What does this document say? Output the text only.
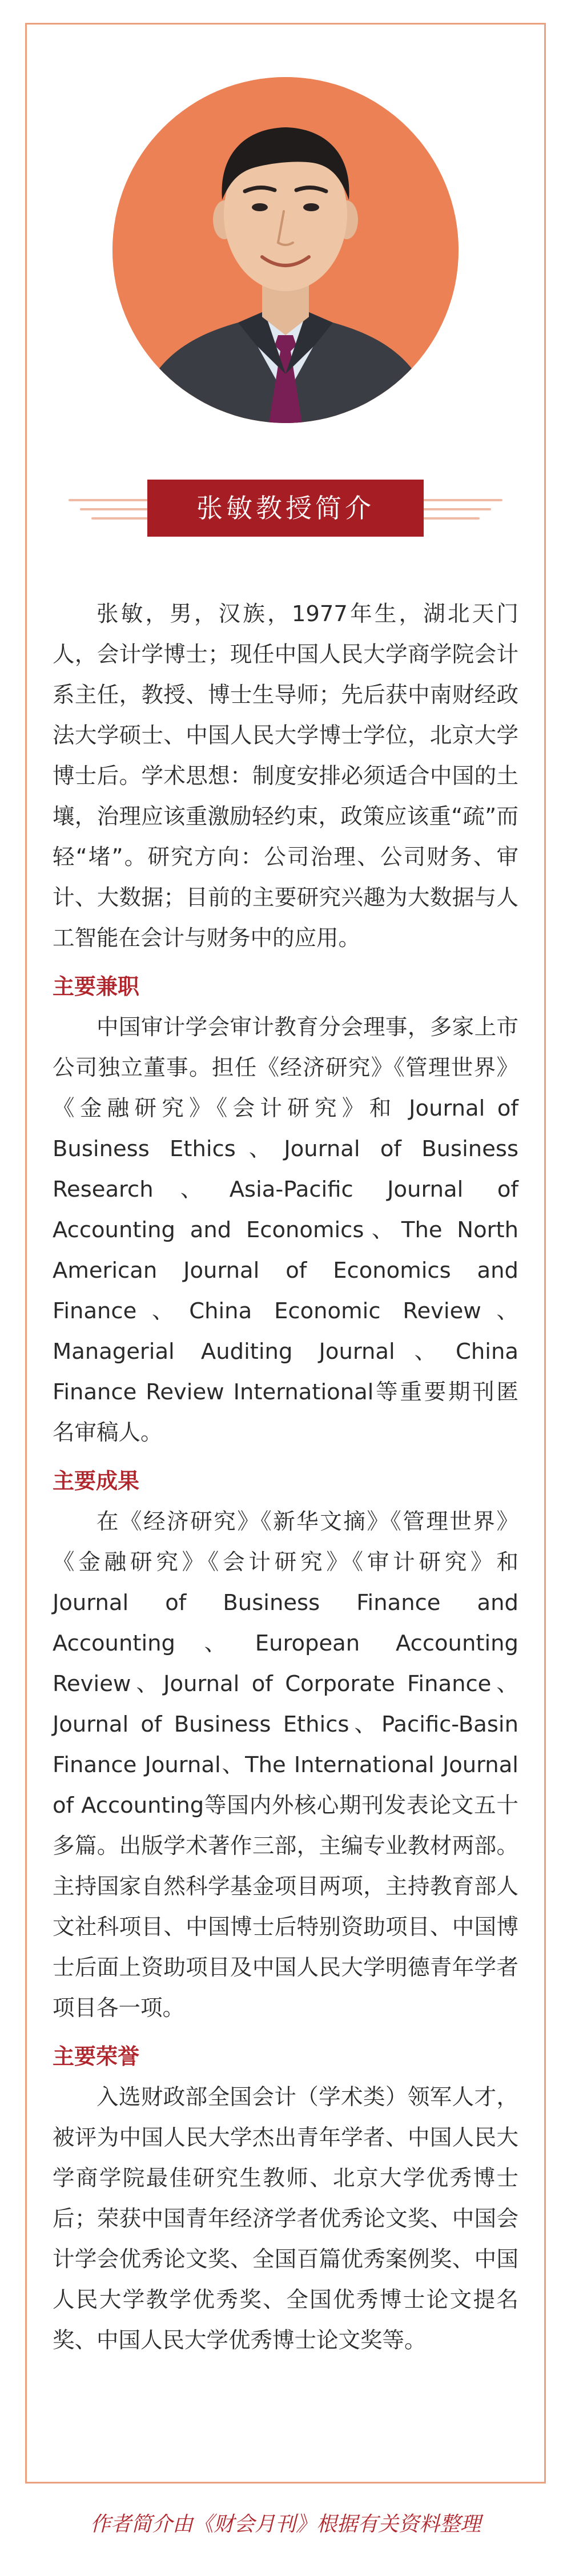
张敏教授简介

张敏，男，汉族，1977年生，湖北天门人，会计学博士；现任中国人民大学商学院会计系主任，教授、博士生导师；先后获中南财经政法大学硕士、中国人民大学博士学位，北京大学博士后。学术思想：制度安排必须适合中国的土壤，治理应该重激励轻约束，政策应该重“疏”而轻“堵”。研究方向：公司治理、公司财务、审计、大数据；目前的主要研究兴趣为大数据与人工智能在会计与财务中的应用。

主要兼职

中国审计学会审计教育分会理事，多家上市公司独立董事。担任《经济研究》《管理世界》《金融研究》《会计研究》和 Journal of Business Ethics、Journal of Business Research、Asia-Pacific Journal of Accounting and Economics、The North American Journal of Economics and Finance、China Economic Review、Managerial Auditing Journal、China Finance Review International等重要期刊匿名审稿人。

主要成果

在《经济研究》《新华文摘》《管理世界》《金融研究》《会计研究》《审计研究》和 Journal of Business Finance and Accounting、European Accounting Review、Journal of Corporate Finance、Journal of Business Ethics、Pacific-Basin Finance Journal、The International Journal of Accounting等国内外核心期刊发表论文五十多篇。出版学术著作三部，主编专业教材两部。主持国家自然科学基金项目两项，主持教育部人文社科项目、中国博士后特别资助项目、中国博士后面上资助项目及中国人民大学明德青年学者项目各一项。

主要荣誉

入选财政部全国会计（学术类）领军人才，被评为中国人民大学杰出青年学者、中国人民大学商学院最佳研究生教师、北京大学优秀博士后；荣获中国青年经济学者优秀论文奖、中国会计学会优秀论文奖、全国百篇优秀案例奖、中国人民大学教学优秀奖、全国优秀博士论文提名奖、中国人民大学优秀博士论文奖等。

作者简介由《财会月刊》根据有关资料整理
